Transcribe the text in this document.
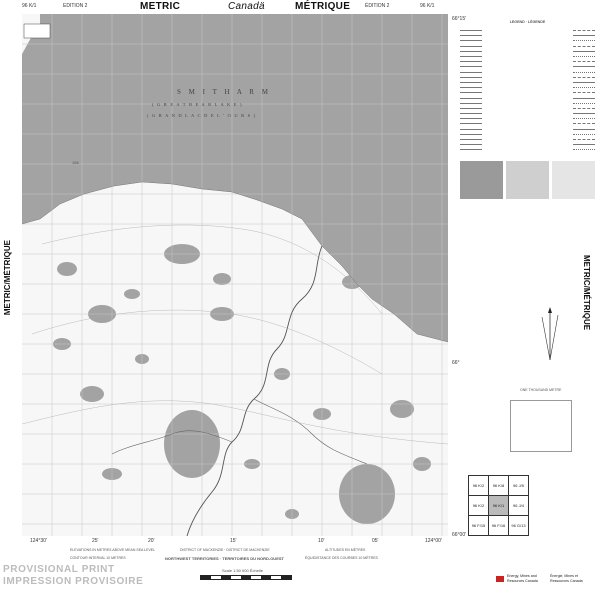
96 K/1	EDITION 2	METRIC	Canadä	MÉTRIQUE	ÉDITION 2	96 K/1
66°15'
66°
124°30'	124°00'
66°00'
25'	20'	15'	10'	05'
METRIC/MÉTRIQUE	METRIC/MÉTRIQUE
S M I T H A R M
( G R E A T B E A R L A K E )
( G R A N D L A C D E L ' O U R S )
156
LEGEND · LÉGENDE
ONE THOUSAND METRE
96 K/2	96 K/8	96 J/5
96 K/2	96 K/1	96 J/4
96 F/15	96 F/16	96 G/13
ELEVATIONS IN METRES ABOVE MEAN SEA LEVEL
CONTOUR INTERVAL 10 METRES
DISTRICT OF MACKENZIE · DISTRICT DE MACKENZIE
NORTHWEST TERRITORIES · TERRITOIRES DU NORD-OUEST
ALTITUDES EN MÈTRES
ÉQUIDISTANCE DES COURBES 10 MÈTRES
Scale 1:50 000 Échelle
PROVISIONAL PRINT
IMPRESSION PROVISOIRE	Energy, Mines and
Resources Canada
Énergie, Mines et
Ressources Canada
